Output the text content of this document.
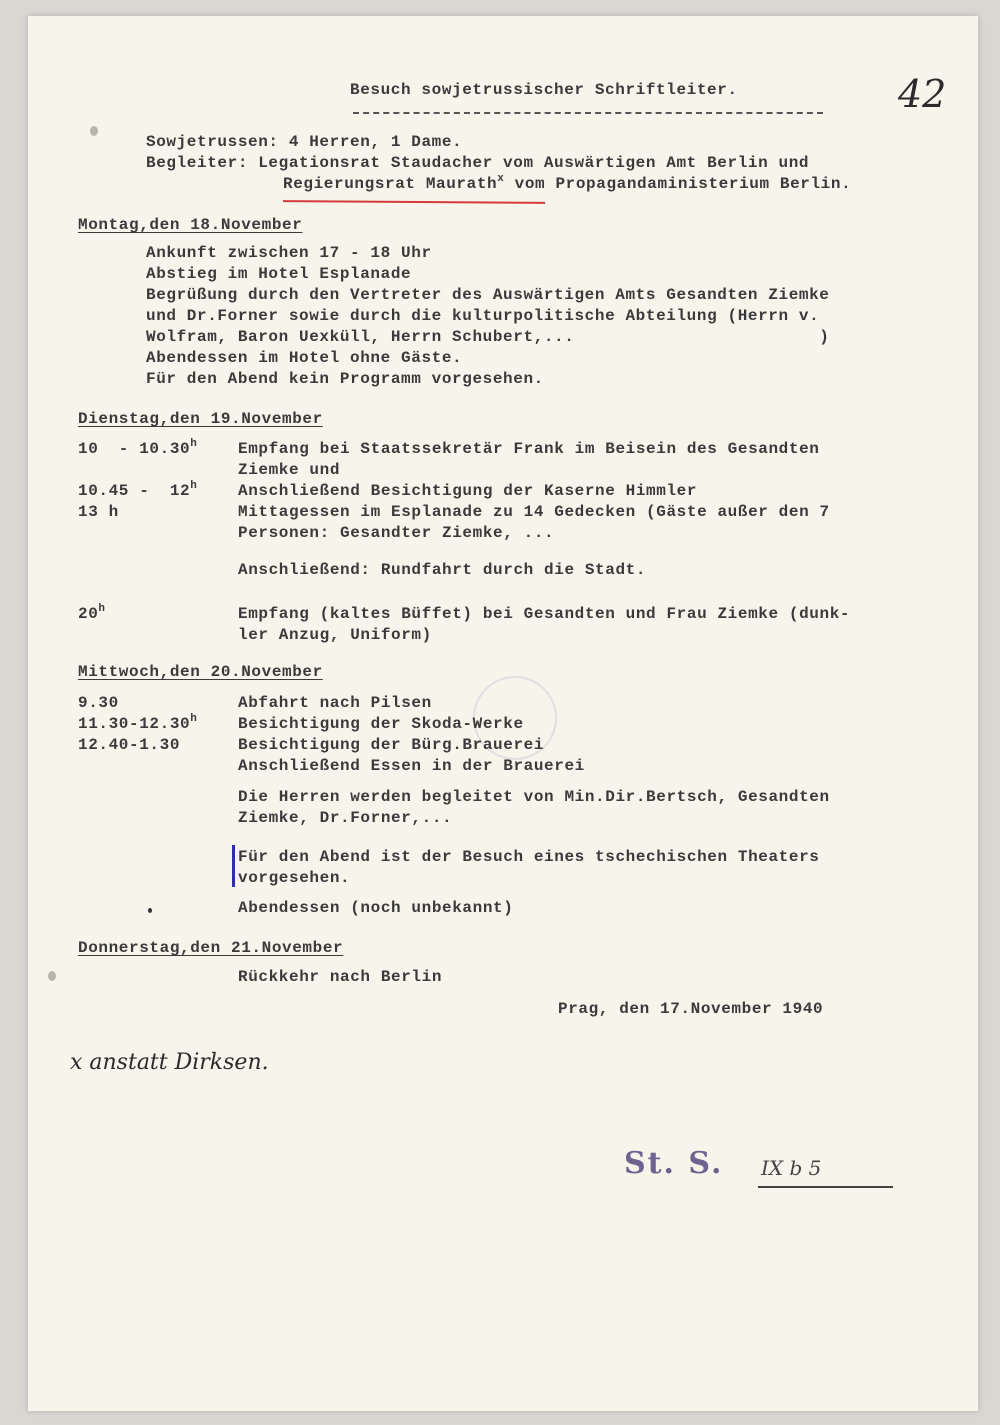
42

Besuch sowjetrussischer Schriftleiter.

Sowjetrussen: 4 Herren, 1 Dame.

Begleiter: Legationsrat Staudacher vom Auswärtigen Amt Berlin und

Regierungsrat Maurath$^x$ vom Propagandaministerium Berlin.

Montag,den 18.November

Ankunft zwischen 17 - 18 Uhr

Abstieg im Hotel Esplanade

Begrüßung durch den Vertreter des Auswärtigen Amts Gesandten Ziemke

und Dr.Forner sowie durch die kulturpolitische Abteilung (Herrn v.

Wolfram, Baron Uexküll, Herrn Schubert,...                        )

Abendessen im Hotel ohne Gäste.

Für den Abend kein Programm vorgesehen.

Dienstag,den 19.November

10  - 10.30$^h$	Empfang bei Staatssekretär Frank im Beisein des Gesandten

Ziemke und

10.45 -  12$^h$	Anschließend Besichtigung der Kaserne Himmler

13 h	Mittagessen im Esplanade zu 14 Gedecken (Gäste außer den 7

Personen: Gesandter Ziemke, ...

Anschließend: Rundfahrt durch die Stadt.

20$^h$	Empfang (kaltes Büffet) bei Gesandten und Frau Ziemke (dunk-

ler Anzug, Uniform)

Mittwoch,den 20.November

9.30	Abfahrt nach Pilsen

11.30-12.30$^h$	Besichtigung der Skoda-Werke

12.40-1.30	Besichtigung der Bürg.Brauerei

Anschließend Essen in der Brauerei

Die Herren werden begleitet von Min.Dir.Bertsch, Gesandten

Ziemke, Dr.Forner,...

Für den Abend ist der Besuch eines tschechischen Theaters

vorgesehen.

Abendessen (noch unbekannt)

Donnerstag,den 21.November

Rückkehr nach Berlin

Prag, den 17.November 1940

x anstatt Dirksen.
St. S. IX b 5
